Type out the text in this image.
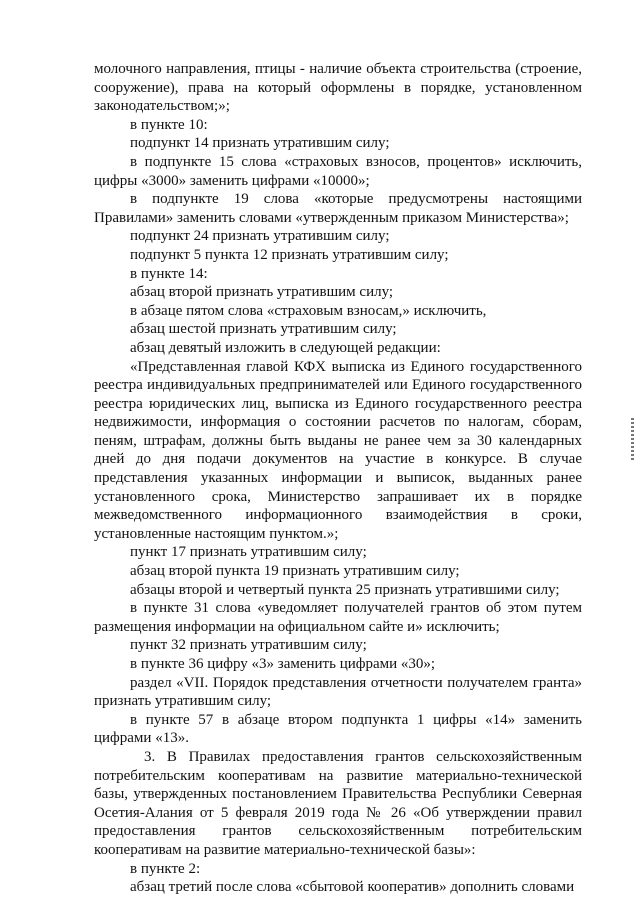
молочного направления, птицы - наличие объекта строительства (строение, сооружение), права на который оформлены в порядке, установленном законодательством;»;

в пункте 10:

подпункт 14 признать утратившим силу;

в подпункте 15 слова «страховых взносов, процентов» исключить, цифры «3000» заменить цифрами «10000»;

в подпункте 19 слова «которые предусмотрены настоящими Правилами» заменить словами «утвержденным приказом Министерства»;

подпункт 24 признать утратившим силу;

подпункт 5 пункта 12 признать утратившим силу;

в пункте 14:

абзац второй признать утратившим силу;

в абзаце пятом слова «страховым взносам,» исключить,

абзац шестой признать утратившим силу;

абзац девятый изложить в следующей редакции:

«Представленная главой КФХ выписка из Единого государственного реестра индивидуальных предпринимателей или Единого государственного реестра юридических лиц, выписка из Единого государственного реестра недвижимости, информация о состоянии расчетов по налогам, сборам, пеням, штрафам, должны быть выданы не ранее чем за 30 календарных дней до дня подачи документов на участие в конкурсе. В случае представления указанных информации и выписок, выданных ранее установленного срока, Министерство запрашивает их в порядке межведомственного информационного взаимодействия в сроки, установленные настоящим пунктом.»;

пункт 17 признать утратившим силу;

абзац второй пункта 19 признать утратившим силу;

абзацы второй и четвертый пункта 25 признать утратившими силу;

в пункте 31 слова «уведомляет получателей грантов об этом путем размещения информации на официальном сайте и» исключить;

пункт 32 признать утратившим силу;

в пункте 36 цифру «3» заменить цифрами «30»;

раздел «VII. Порядок представления отчетности получателем гранта» признать утратившим силу;

в пункте 57 в абзаце втором подпункта 1 цифры «14» заменить цифрами «13».

3. В Правилах предоставления грантов сельскохозяйственным потребительским кооперативам на развитие материально-технической базы, утвержденных постановлением Правительства Республики Северная Осетия-Алания от 5 февраля 2019 года № 26 «Об утверждении правил предоставления грантов сельскохозяйственным потребительским кооперативам на развитие материально-технической базы»:

в пункте 2:

абзац третий после слова «сбытовой кооператив» дополнить словами
